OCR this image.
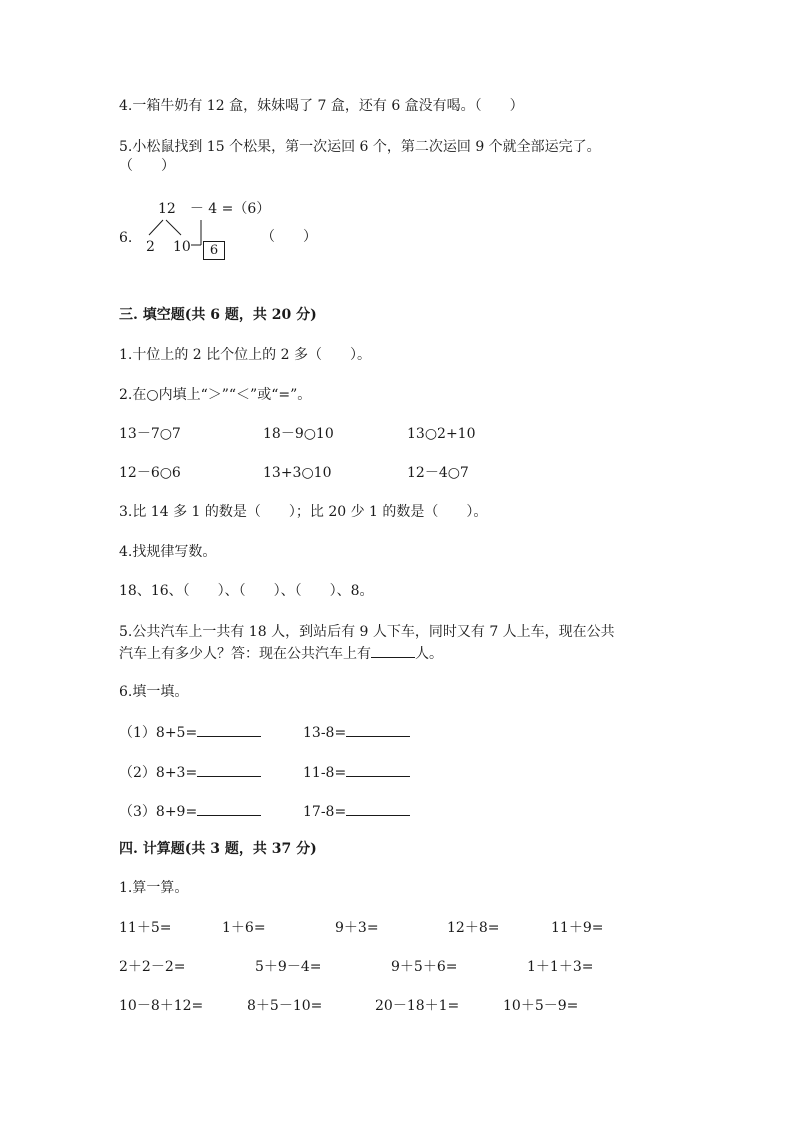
4.一箱牛奶有 12 盒，妹妹喝了 7 盒，还有 6 盒没有喝。（　　）
5.小松鼠找到 15 个松果，第一次运回 6 个，第二次运回 9 个就全部运完了。
（　　）
6.
12　－ 4 =（6）
2 10	6
（　　）
三. 填空题(共 6 题，共 20 分)
1.十位上的 2 比个位上的 2 多（　　）。
2.在○内填上“＞”“＜”或“=”。
13－7○7	18－9○10	13○2+10
12－6○6	13+3○10	12－4○7
3.比 14 多 1 的数是（　　）；比 20 少 1 的数是（　　）。
4.找规律写数。
18、16、（　　）、（　　）、（　　）、8。
5.公共汽车上一共有 18 人，到站后有 9 人下车，同时又有 7 人上车，现在公共
汽车上有多少人？答：现在公共汽车上有	人。
6.填一填。
（1）8+5=	13-8=
（2）8+3=	11-8=
（3）8+9=	17-8=
四. 计算题(共 3 题，共 37 分)
1.算一算。
11＋5=	1＋6=	9＋3=	12＋8=	11＋9=
2＋2－2=	5＋9－4=	9＋5＋6=	1＋1＋3=
10－8＋12=	8＋5－10=	20－18＋1=	10＋5－9=
